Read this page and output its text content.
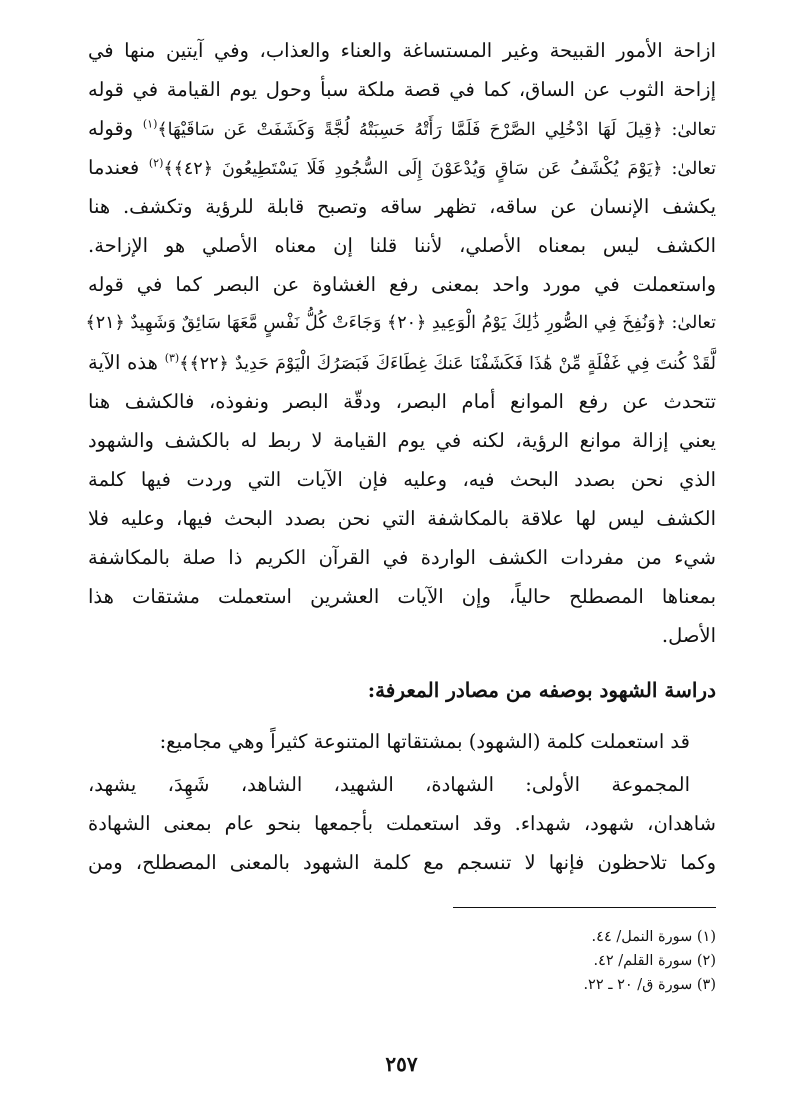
ازاحة الأمور القبيحة وغير المستساغة والعناء والعذاب، وفي آيتين منها في
إزاحة الثوب عن الساق، كما في قصة ملكة سبأ وحول يوم القيامة في قوله
تعالىٰ: ﴿قِيلَ لَهَا ادْخُلِي الصَّرْحَ فَلَمَّا رَأَتْهُ حَسِبَتْهُ لُجَّةً وَكَشَفَتْ عَن سَاقَيْهَا﴾$^{(١)}$ وقوله
تعالىٰ: ﴿يَوْمَ يُكْشَفُ عَن سَاقٍ وَيُدْعَوْنَ إِلَى السُّجُودِ فَلَا يَسْتَطِيعُونَ ﴿٤٢﴾﴾$^{(٢)}$ فعندما
يكشف الإنسان عن ساقه، تظهر ساقه وتصبح قابلة للرؤية وتكشف. هنا
الكشف ليس بمعناه الأصلي، لأننا قلنا إن معناه الأصلي هو الإزاحة.
واستعملت في مورد واحد بمعنى رفع الغشاوة عن البصر كما في قوله
تعالىٰ: ﴿وَنُفِخَ فِي الصُّورِ ذَٰلِكَ يَوْمُ الْوَعِيدِ ﴿٢٠﴾ وَجَاءَتْ كُلُّ نَفْسٍ مَّعَهَا سَائِقٌ وَشَهِيدٌ ﴿٢١﴾
لَّقَدْ كُنتَ فِي غَفْلَةٍ مِّنْ هَٰذَا فَكَشَفْنَا عَنكَ غِطَاءَكَ فَبَصَرُكَ الْيَوْمَ حَدِيدٌ ﴿٢٢﴾﴾$^{(٣)}$ هذه الآية
تتحدث عن رفع الموانع أمام البصر، ودقّة البصر ونفوذه، فالكشف هنا
يعني إزالة موانع الرؤية، لكنه في يوم القيامة لا ربط له بالكشف والشهود
الذي نحن بصدد البحث فيه، وعليه فإن الآيات التي وردت فيها كلمة
الكشف ليس لها علاقة بالمكاشفة التي نحن بصدد البحث فيها، وعليه فلا
شيء من مفردات الكشف الواردة في القرآن الكريم ذا صلة بالمكاشفة
بمعناها المصطلح حالياً، وإن الآيات العشرين استعملت مشتقات هذا
الأصل.
دراسة الشهود بوصفه من مصادر المعرفة:
قد استعملت كلمة (الشهود) بمشتقاتها المتنوعة كثيراً وهي مجاميع:
المجموعة الأولى: الشهادة، الشهيد، الشاهد، شَهِدَ، يشهد،
شاهدان، شهود، شهداء. وقد استعملت بأجمعها بنحو عام بمعنى الشهادة
وكما تلاحظون فإنها لا تنسجم مع كلمة الشهود بالمعنى المصطلح، ومن
(١) سورة النمل/ ٤٤.
(٢) سورة القلم/ ٤٢.
(٣) سورة ق/ ٢٠ ـ ٢٢.
٢٥٧
